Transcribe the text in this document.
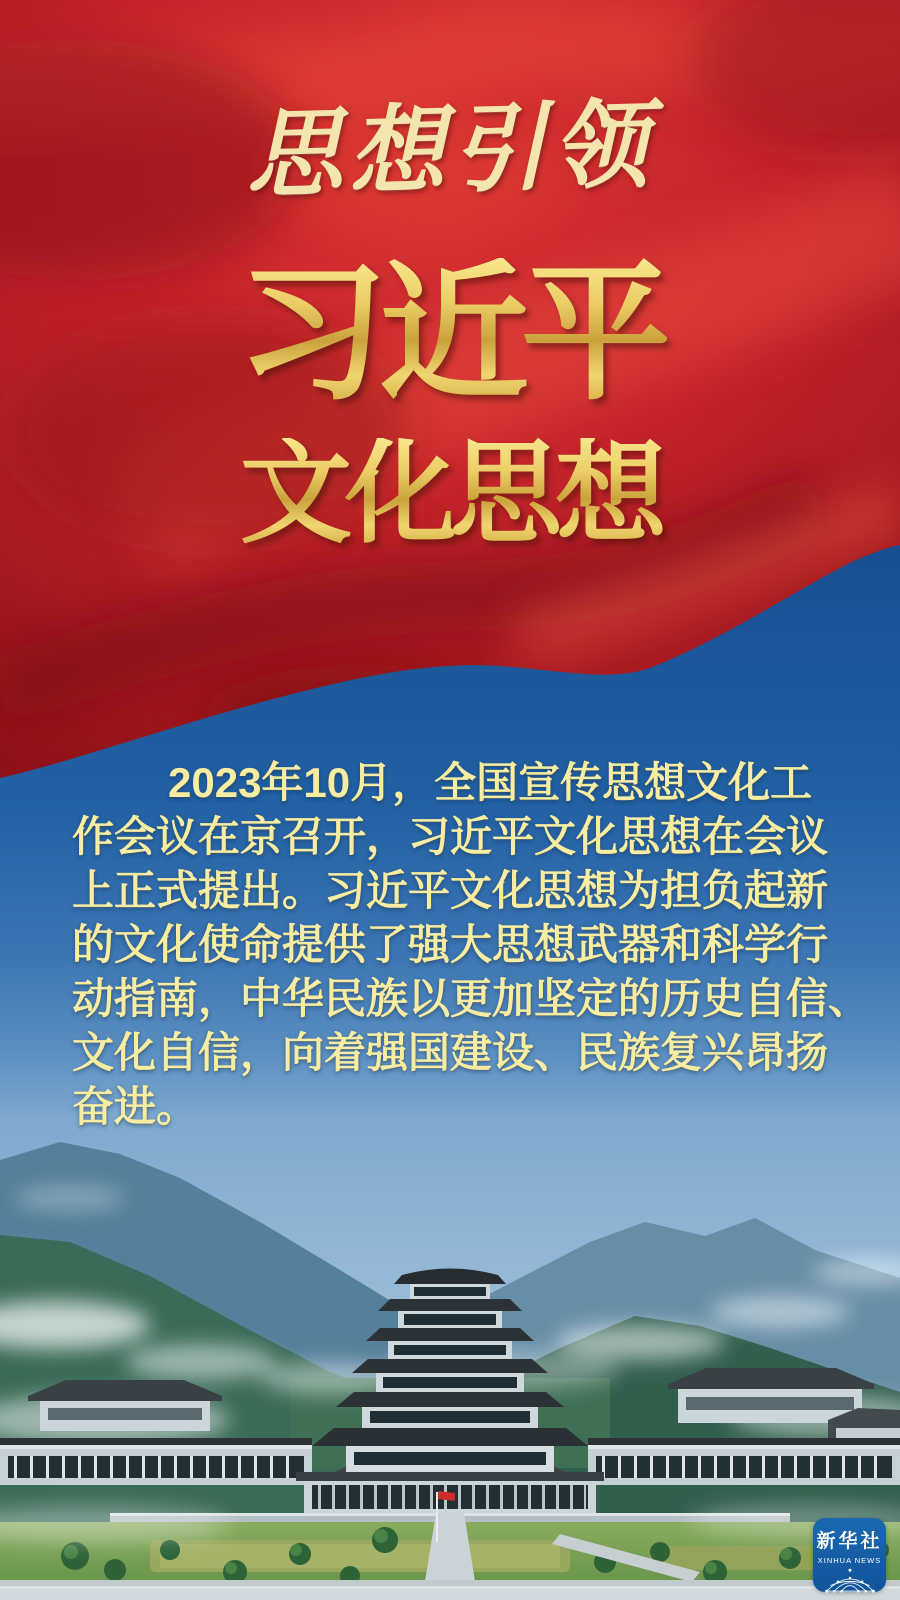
思想引领
习近平
文化思想
2023年10月，全国宣传思想文化工
作会议在京召开，习近平文化思想在会议
上正式提出。习近平文化思想为担负起新
的文化使命提供了强大思想武器和科学行
动指南，中华民族以更加坚定的历史自信、
文化自信，向着强国建设、民族复兴昂扬
奋进。
新华社
XINHUA NEWS
